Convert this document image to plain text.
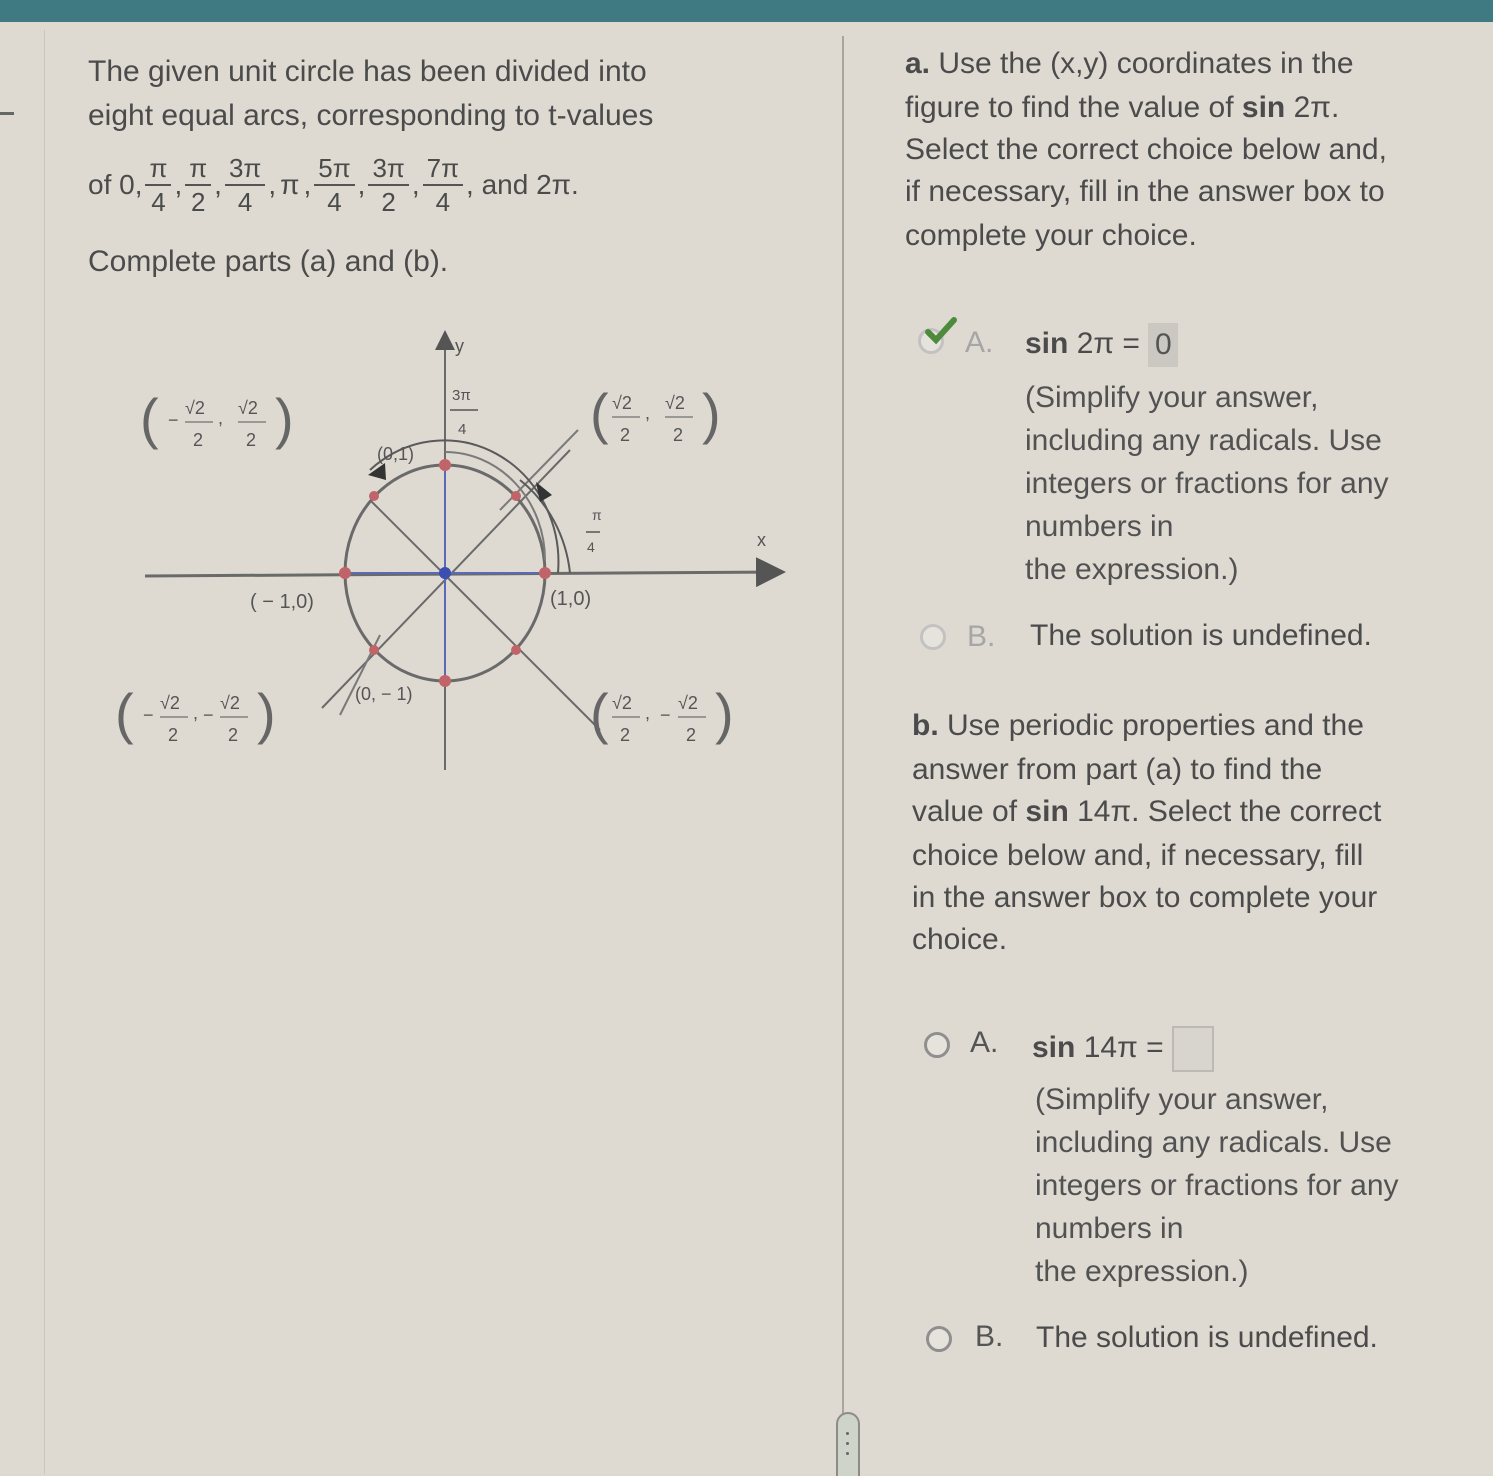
The given unit circle has been divided into
eight equal arcs, corresponding to t-values
of 0, $\frac{\pi}{4}$ , $\frac{\pi}{2}$ , $\frac{3\pi}{4}$ , π , $\frac{5\pi}{4}$ , $\frac{3\pi}{2}$ , $\frac{7\pi}{4}$ , and 2π.
Complete parts (a) and (b).
y
x
π
4
3π
4
(0,1)
(0, − 1)
( − 1,0)	(1,0)
( √2
2
, √2
2 )
( −
√2
2
, √2
2 )
( −
√2
2
, −
√2
2 )	( √2
2
, −
√2
2 )
a. Use the (x,y) coordinates in the
figure to find the value of sin 2π.
Select the correct choice below and,
if necessary, fill in the answer box to
complete your choice.
A. sin 2π = 0
(Simplify your answer,
including any radicals. Use
integers or fractions for any
numbers in
the expression.)
B. The solution is undefined.
b. Use periodic properties and the
answer from part (a) to find the
value of sin 14π. Select the correct
choice below and, if necessary, fill
in the answer box to complete your
choice.
A. sin 14π =
(Simplify your answer,
including any radicals. Use
integers or fractions for any
numbers in
the expression.)
B. The solution is undefined.
